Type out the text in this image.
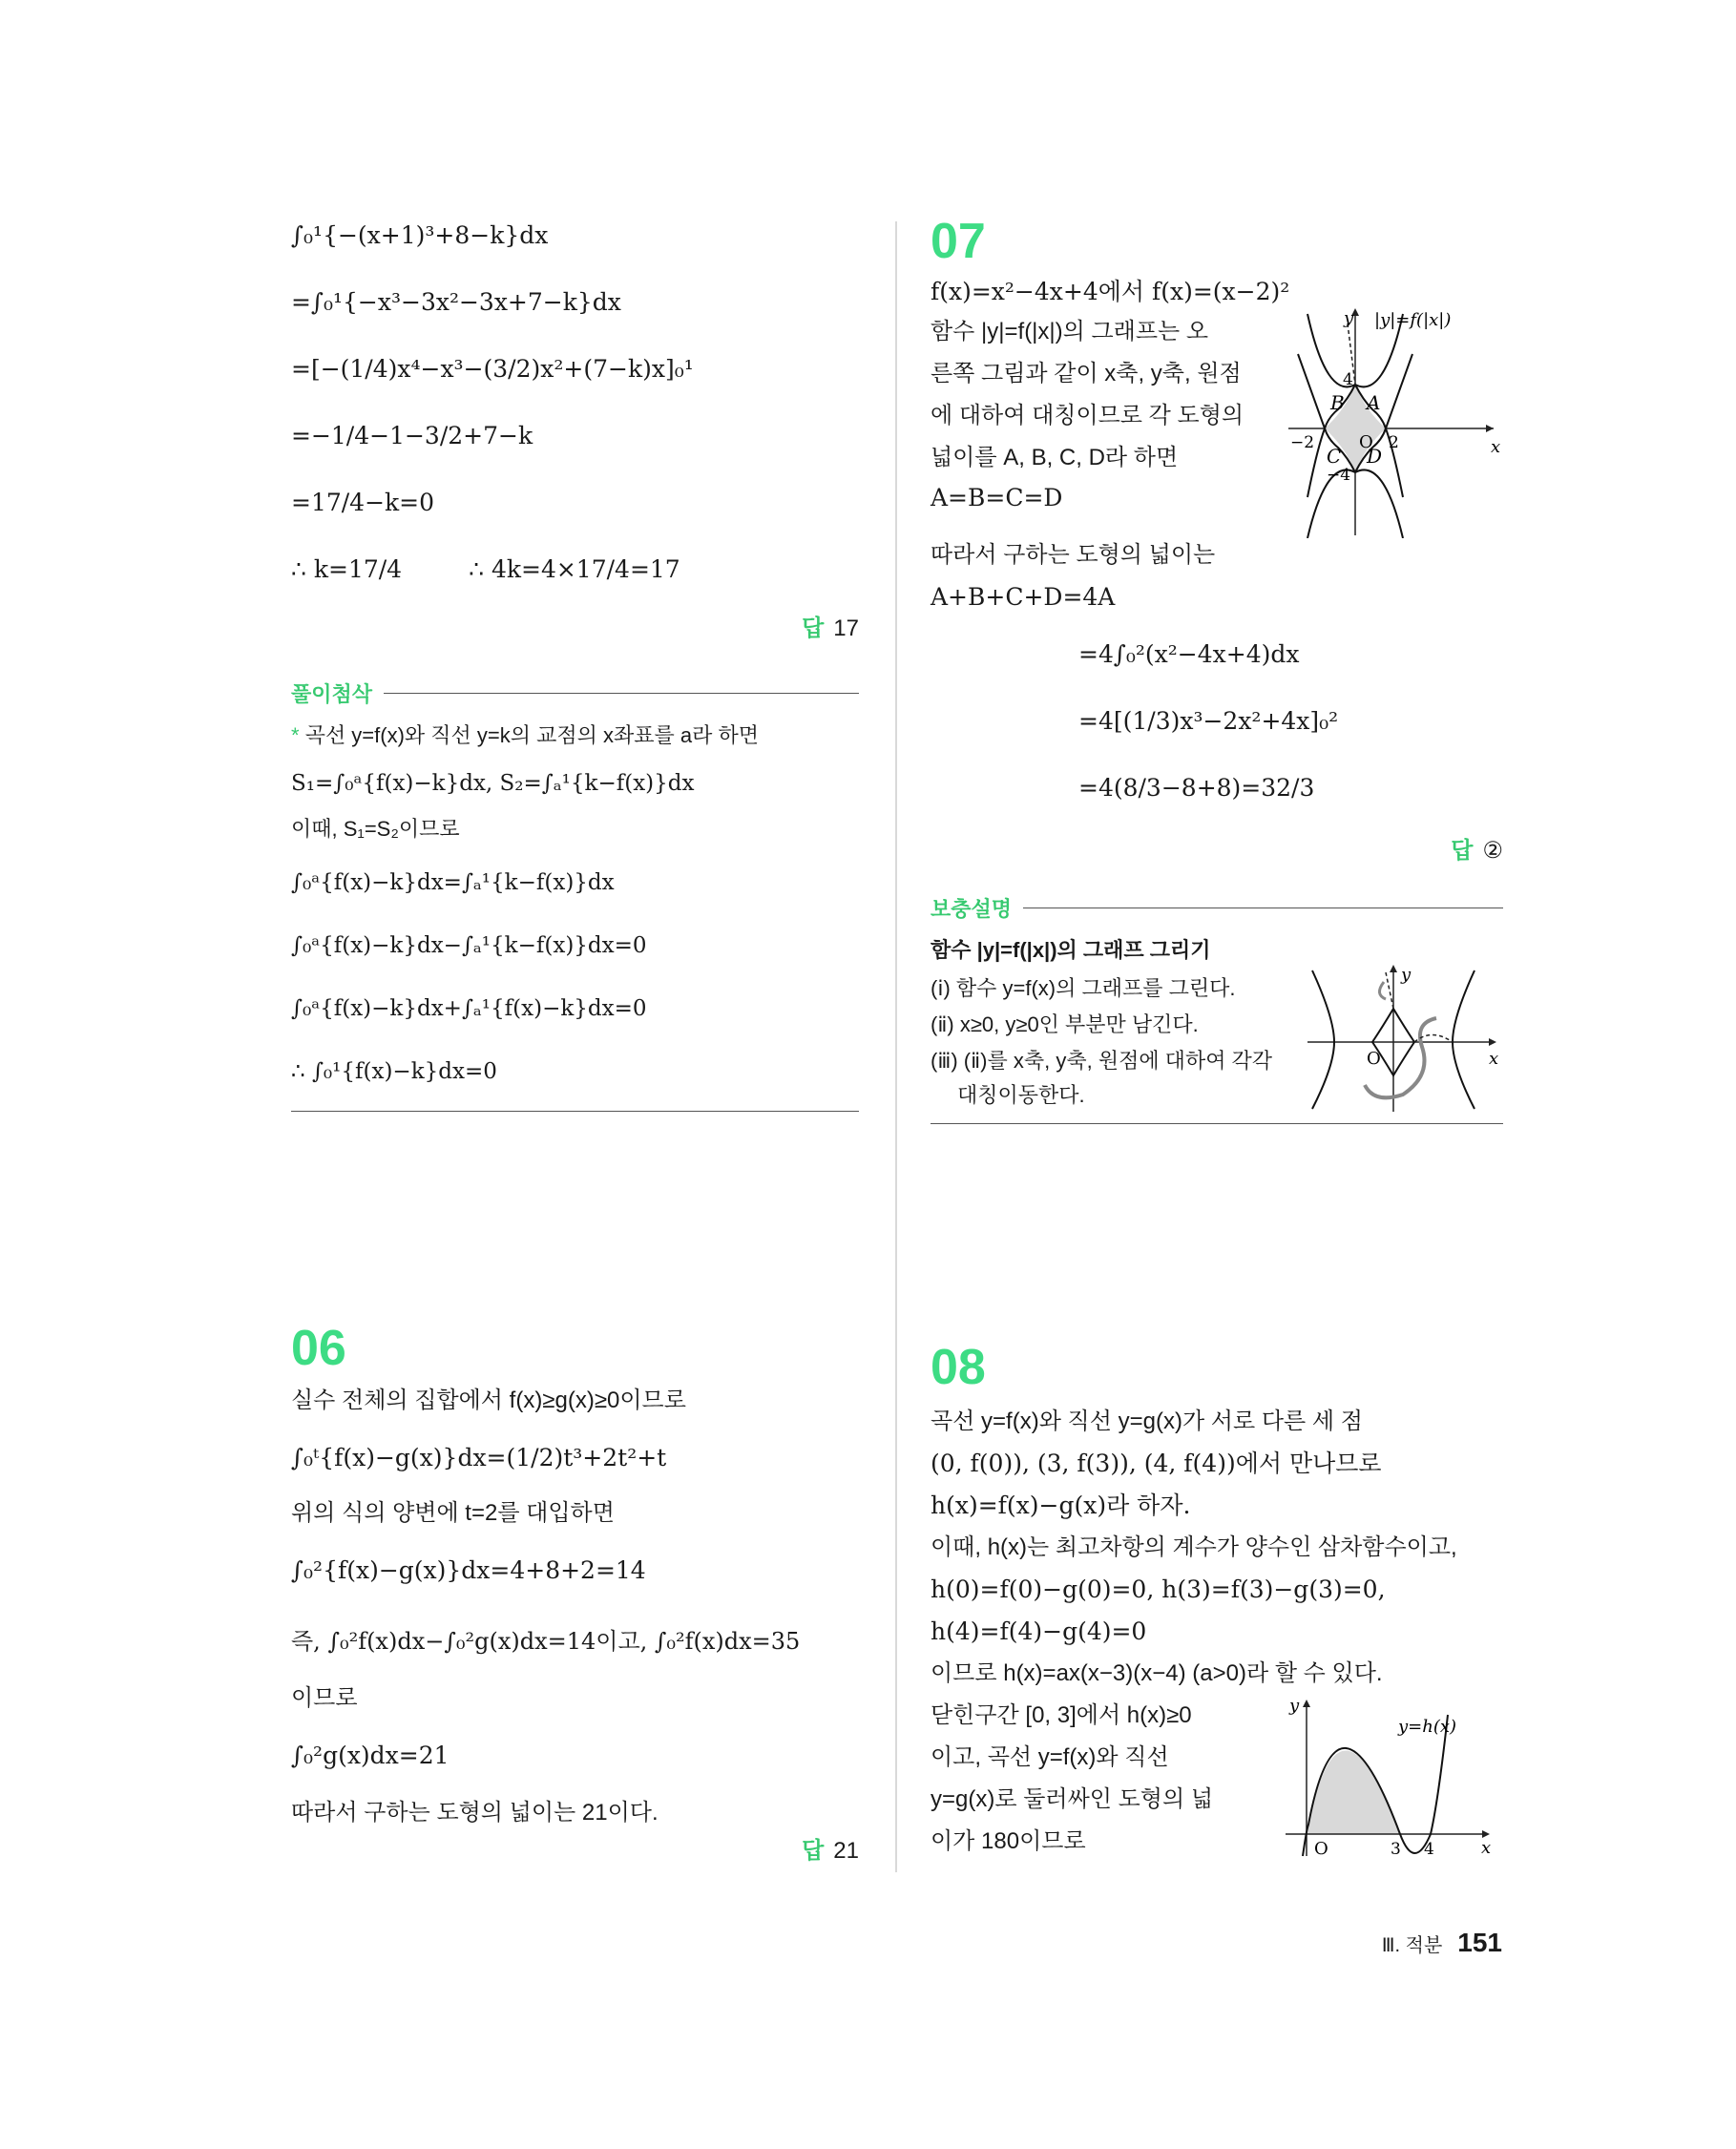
∫₀¹{−(x+1)³+8−k}dx
=∫₀¹{−x³−3x²−3x+7−k}dx
=[−(1/4)x⁴−x³−(3/2)x²+(7−k)x]₀¹
=−1/4−1−3/2+7−k
=17/4−k=0
∴ k=17/4	∴ 4k=4×17/4=17
답 17
풀이첨삭
* 곡선 y=f(x)와 직선 y=k의 교점의 x좌표를 a라 하면
S₁=∫₀ᵃ{f(x)−k}dx, S₂=∫ₐ¹{k−f(x)}dx
이때, S₁=S₂이므로
∫₀ᵃ{f(x)−k}dx=∫ₐ¹{k−f(x)}dx
∫₀ᵃ{f(x)−k}dx−∫ₐ¹{k−f(x)}dx=0
∫₀ᵃ{f(x)−k}dx+∫ₐ¹{f(x)−k}dx=0
∴ ∫₀¹{f(x)−k}dx=0
06
실수 전체의 집합에서 f(x)≥g(x)≥0이므로
∫₀ᵗ{f(x)−g(x)}dx=(1/2)t³+2t²+t
위의 식의 양변에 t=2를 대입하면
∫₀²{f(x)−g(x)}dx=4+8+2=14
즉, ∫₀²f(x)dx−∫₀²g(x)dx=14이고, ∫₀²f(x)dx=35
이므로
∫₀²g(x)dx=21
따라서 구하는 도형의 넓이는 21이다.
답 21
07
f(x)=x²−4x+4에서 f(x)=(x−2)²
함수 |y|=f(|x|)의 그래프는 오
른쪽 그림과 같이 x축, y축, 원점
에 대하여 대칭이므로 각 도형의
넓이를 A, B, C, D라 하면
A=B=C=D
y |y|=f(|x|)
x
4
−4
2
−2	O
A
B
C D
따라서 구하는 도형의 넓이는
A+B+C+D=4A
=4∫₀²(x²−4x+4)dx
=4[(1/3)x³−2x²+4x]₀²
=4(8/3−8+8)=32/3
답 ②
보충설명
함수 |y|=f(|x|)의 그래프 그리기
(ⅰ) 함수 y=f(x)의 그래프를 그린다.
(ⅱ) x≥0, y≥0인 부분만 남긴다.
(ⅲ) (ⅱ)를 x축, y축, 원점에 대하여 각각
대칭이동한다.
y
x
O
08
곡선 y=f(x)와 직선 y=g(x)가 서로 다른 세 점
(0, f(0)), (3, f(3)), (4, f(4))에서 만나므로
h(x)=f(x)−g(x)라 하자.
이때, h(x)는 최고차항의 계수가 양수인 삼차함수이고,
h(0)=f(0)−g(0)=0, h(3)=f(3)−g(3)=0,
h(4)=f(4)−g(4)=0
이므로 h(x)=ax(x−3)(x−4) (a>0)라 할 수 있다.
닫힌구간 [0, 3]에서 h(x)≥0
이고, 곡선 y=f(x)와 직선
y=g(x)로 둘러싸인 도형의 넓
이가 180이므로
y
y=h(x)
x
O	3 4
Ⅲ. 적분 151
